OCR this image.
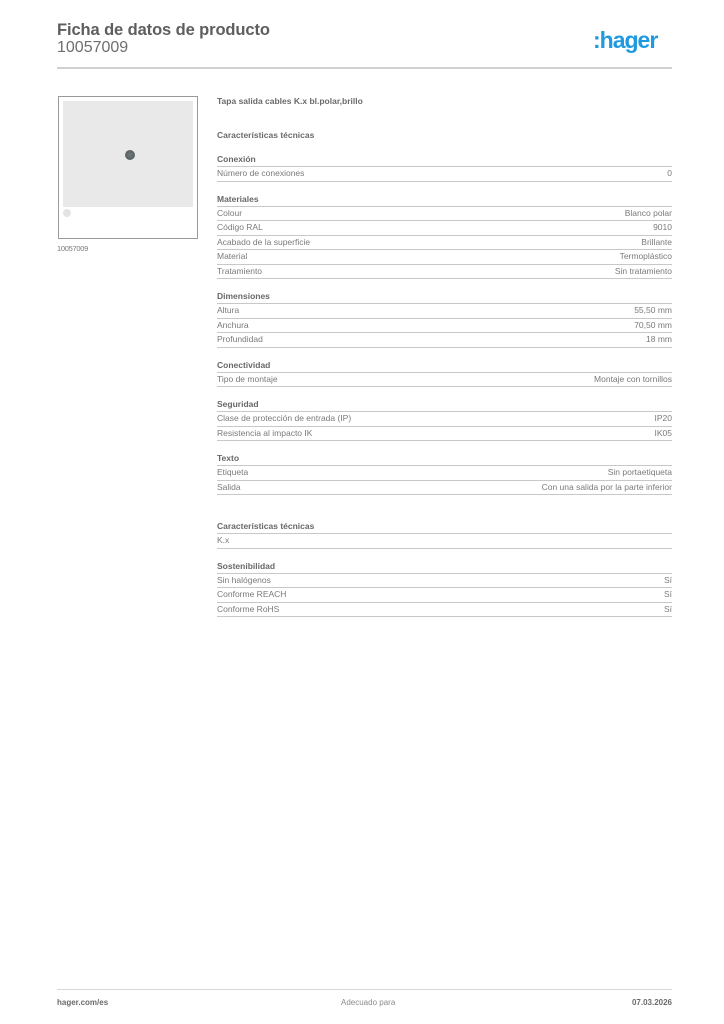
Ficha de datos de producto
10057009	:hager
10057009
Tapa salida cables K.x bl.polar,brillo
Características técnicas
Conexión
Número de conexiones	0
Materiales
Colour	Blanco polar
Código RAL	9010
Acabado de la superficie	Brillante
Material	Termoplástico
Tratamiento	Sin tratamiento
Dimensiones
Altura	55,50 mm
Anchura	70,50 mm
Profundidad	18 mm
Conectividad
Tipo de montaje	Montaje con tornillos
Seguridad
Clase de protección de entrada (IP)	IP20
Resistencia al impacto IK	IK05
Texto
Etiqueta	Sin portaetiqueta
Salida	Con una salida por la parte inferior
Características técnicas
K.x
Sostenibilidad
Sin halógenos	Sí
Conforme REACH	Sí
Conforme RoHS	Sí
hager.com/es	Adecuado para	07.03.2026
